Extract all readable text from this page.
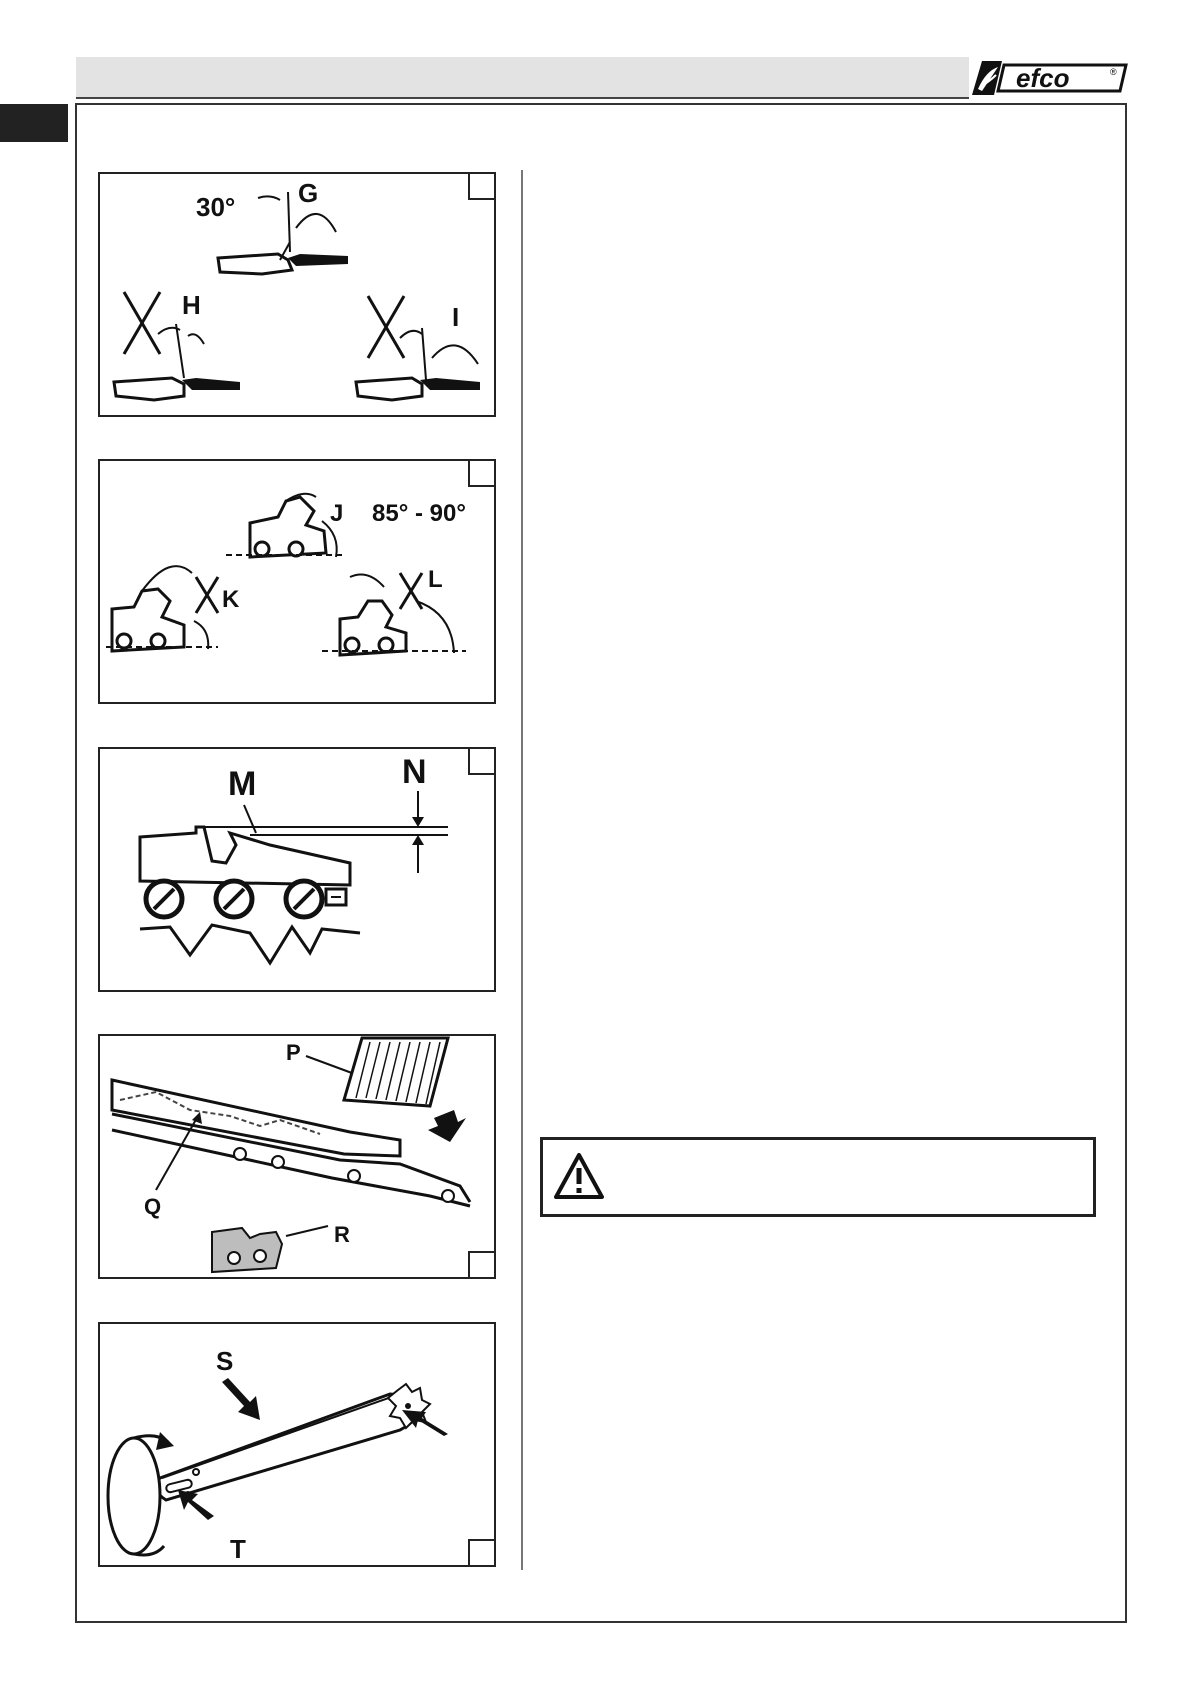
efco	®
30° G
H	I
J 85° - 90°
K
L
M	N
P
Q
R
S
T
